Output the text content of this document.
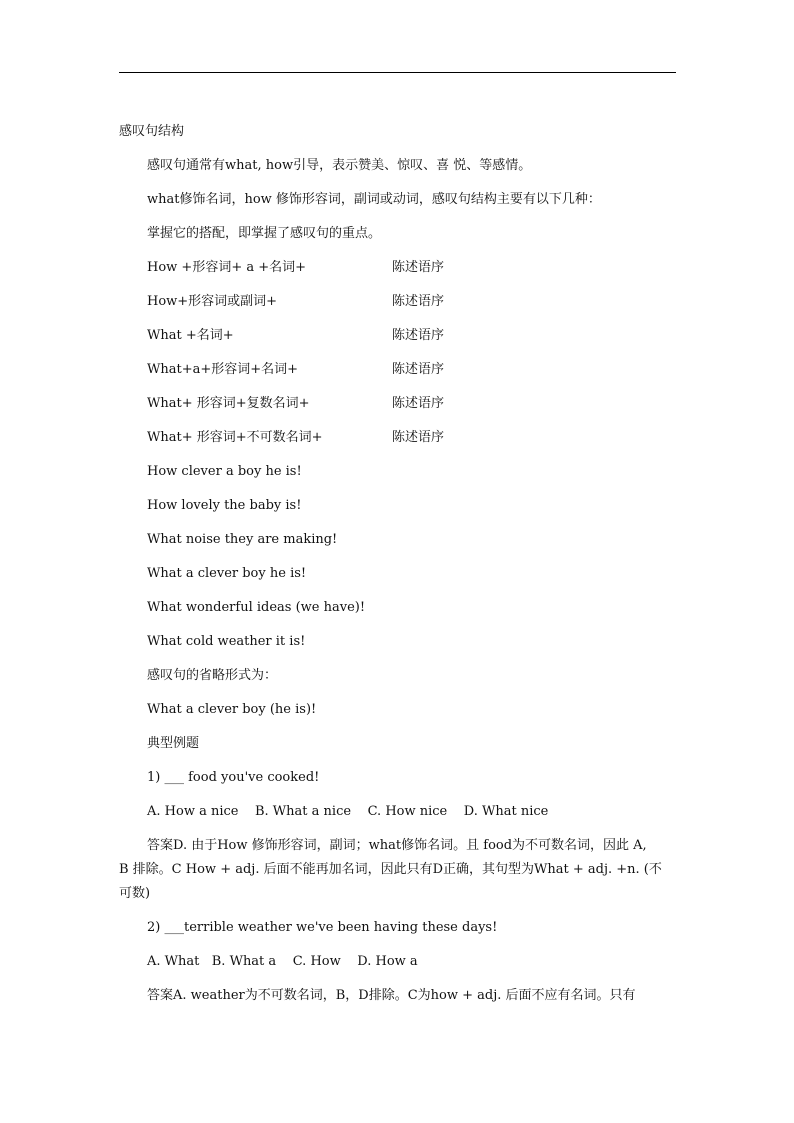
感叹句结构
感叹句通常有what, how引导，表示赞美、惊叹、喜 悦、等感情。
what修饰名词，how 修饰形容词，副词或动词，感叹句结构主要有以下几种：
掌握它的搭配，即掌握了感叹句的重点。
How +形容词+ a +名词+	陈述语序
How+形容词或副词+	陈述语序
What +名词+	陈述语序
What+a+形容词+名词+	陈述语序
What+ 形容词+复数名词+	陈述语序
What+ 形容词+不可数名词+	陈述语序
How clever a boy he is!
How lovely the baby is!
What noise they are making!
What a clever boy he is!
What wonderful ideas (we have)!
What cold weather it is!
感叹句的省略形式为：
What a clever boy (he is)!
典型例题
1) ___ food you've cooked!
A. How a nice    B. What a nice    C. How nice    D. What nice
答案D. 由于How 修饰形容词，副词；what修饰名词。且 food为不可数名词，因此 A,
B 排除。C How + adj. 后面不能再加名词，因此只有D正确，其句型为What + adj. +n. (不
可数)
2) ___terrible weather we've been having these days!
A. What   B. What a    C. How    D. How a
答案A. weather为不可数名词，B，D排除。C为how + adj. 后面不应有名词。只有
